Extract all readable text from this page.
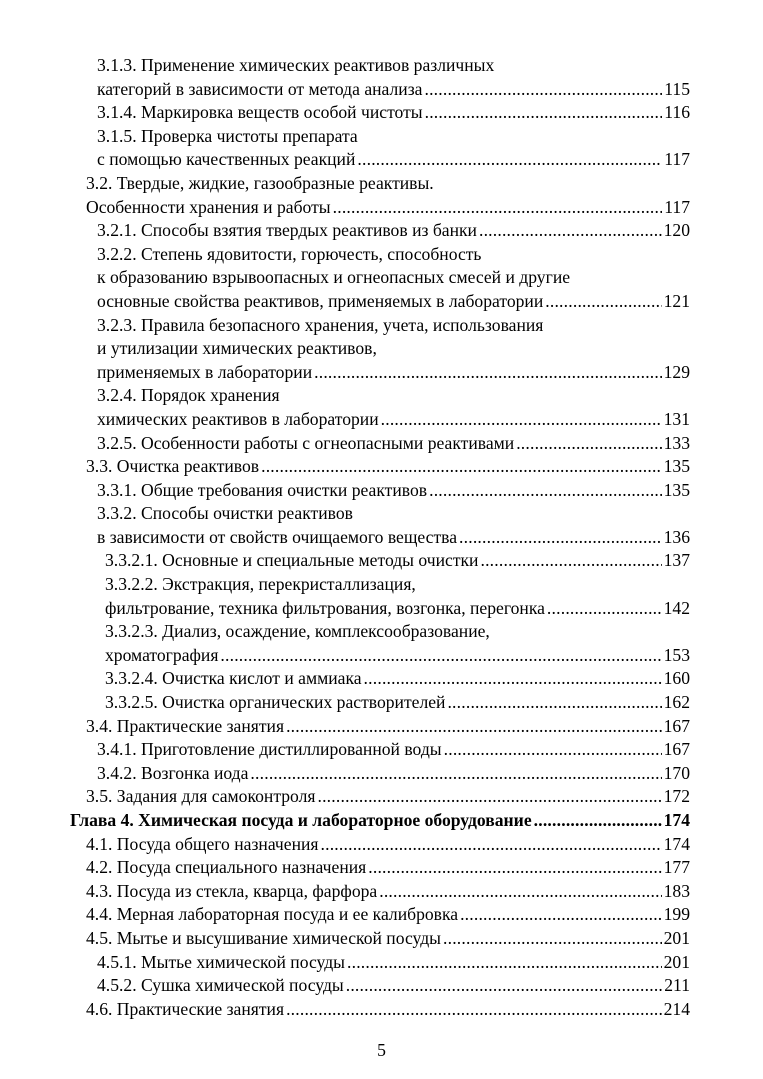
3.1.3. Применение химических реактивов различных
категорий в зависимости от метода анализа .....	115
3.1.4. Маркировка веществ особой чистоты .....	116
3.1.5. Проверка чистоты препарата
с помощью качественных реакций .....	117
3.2. Твердые, жидкие, газообразные реактивы.
Особенности хранения и работы .....	117
3.2.1. Способы взятия твердых реактивов из банки .....	120
3.2.2. Степень ядовитости, горючесть, способность
к образованию взрывоопасных и огнеопасных смесей и другие
основные свойства реактивов, применяемых в лаборатории .....	121
3.2.3. Правила безопасного хранения, учета, использования
и утилизации химических реактивов,
применяемых в лаборатории .....	129
3.2.4. Порядок хранения
химических реактивов в лаборатории .....	131
3.2.5. Особенности работы с огнеопасными реактивами .....	133
3.3. Очистка реактивов .....	135
3.3.1. Общие требования очистки реактивов .....	135
3.3.2. Способы очистки реактивов
в зависимости от свойств очищаемого вещества .....	136
3.3.2.1. Основные и специальные методы очистки .....	137
3.3.2.2. Экстракция, перекристаллизация,
фильтрование, техника фильтрования, возгонка, перегонка .....	142
3.3.2.3. Диализ, осаждение, комплексообразование,
хроматография .....	153
3.3.2.4. Очистка кислот и аммиака .....	160
3.3.2.5. Очистка органических растворителей .....	162
3.4. Практические занятия .....	167
3.4.1. Приготовление дистиллированной воды .....	167
3.4.2. Возгонка иода .....	170
3.5. Задания для самоконтроля .....	172
Глава 4. Химическая посуда и лабораторное оборудование .....	174
4.1. Посуда общего назначения .....	174
4.2. Посуда специального назначения .....	177
4.3. Посуда из стекла, кварца, фарфора .....	183
4.4. Мерная лабораторная посуда и ее калибровка .....	199
4.5. Мытье и высушивание химической посуды .....	201
4.5.1. Мытье химической посуды .....	201
4.5.2. Сушка химической посуды .....	211
4.6. Практические занятия .....	214
5
